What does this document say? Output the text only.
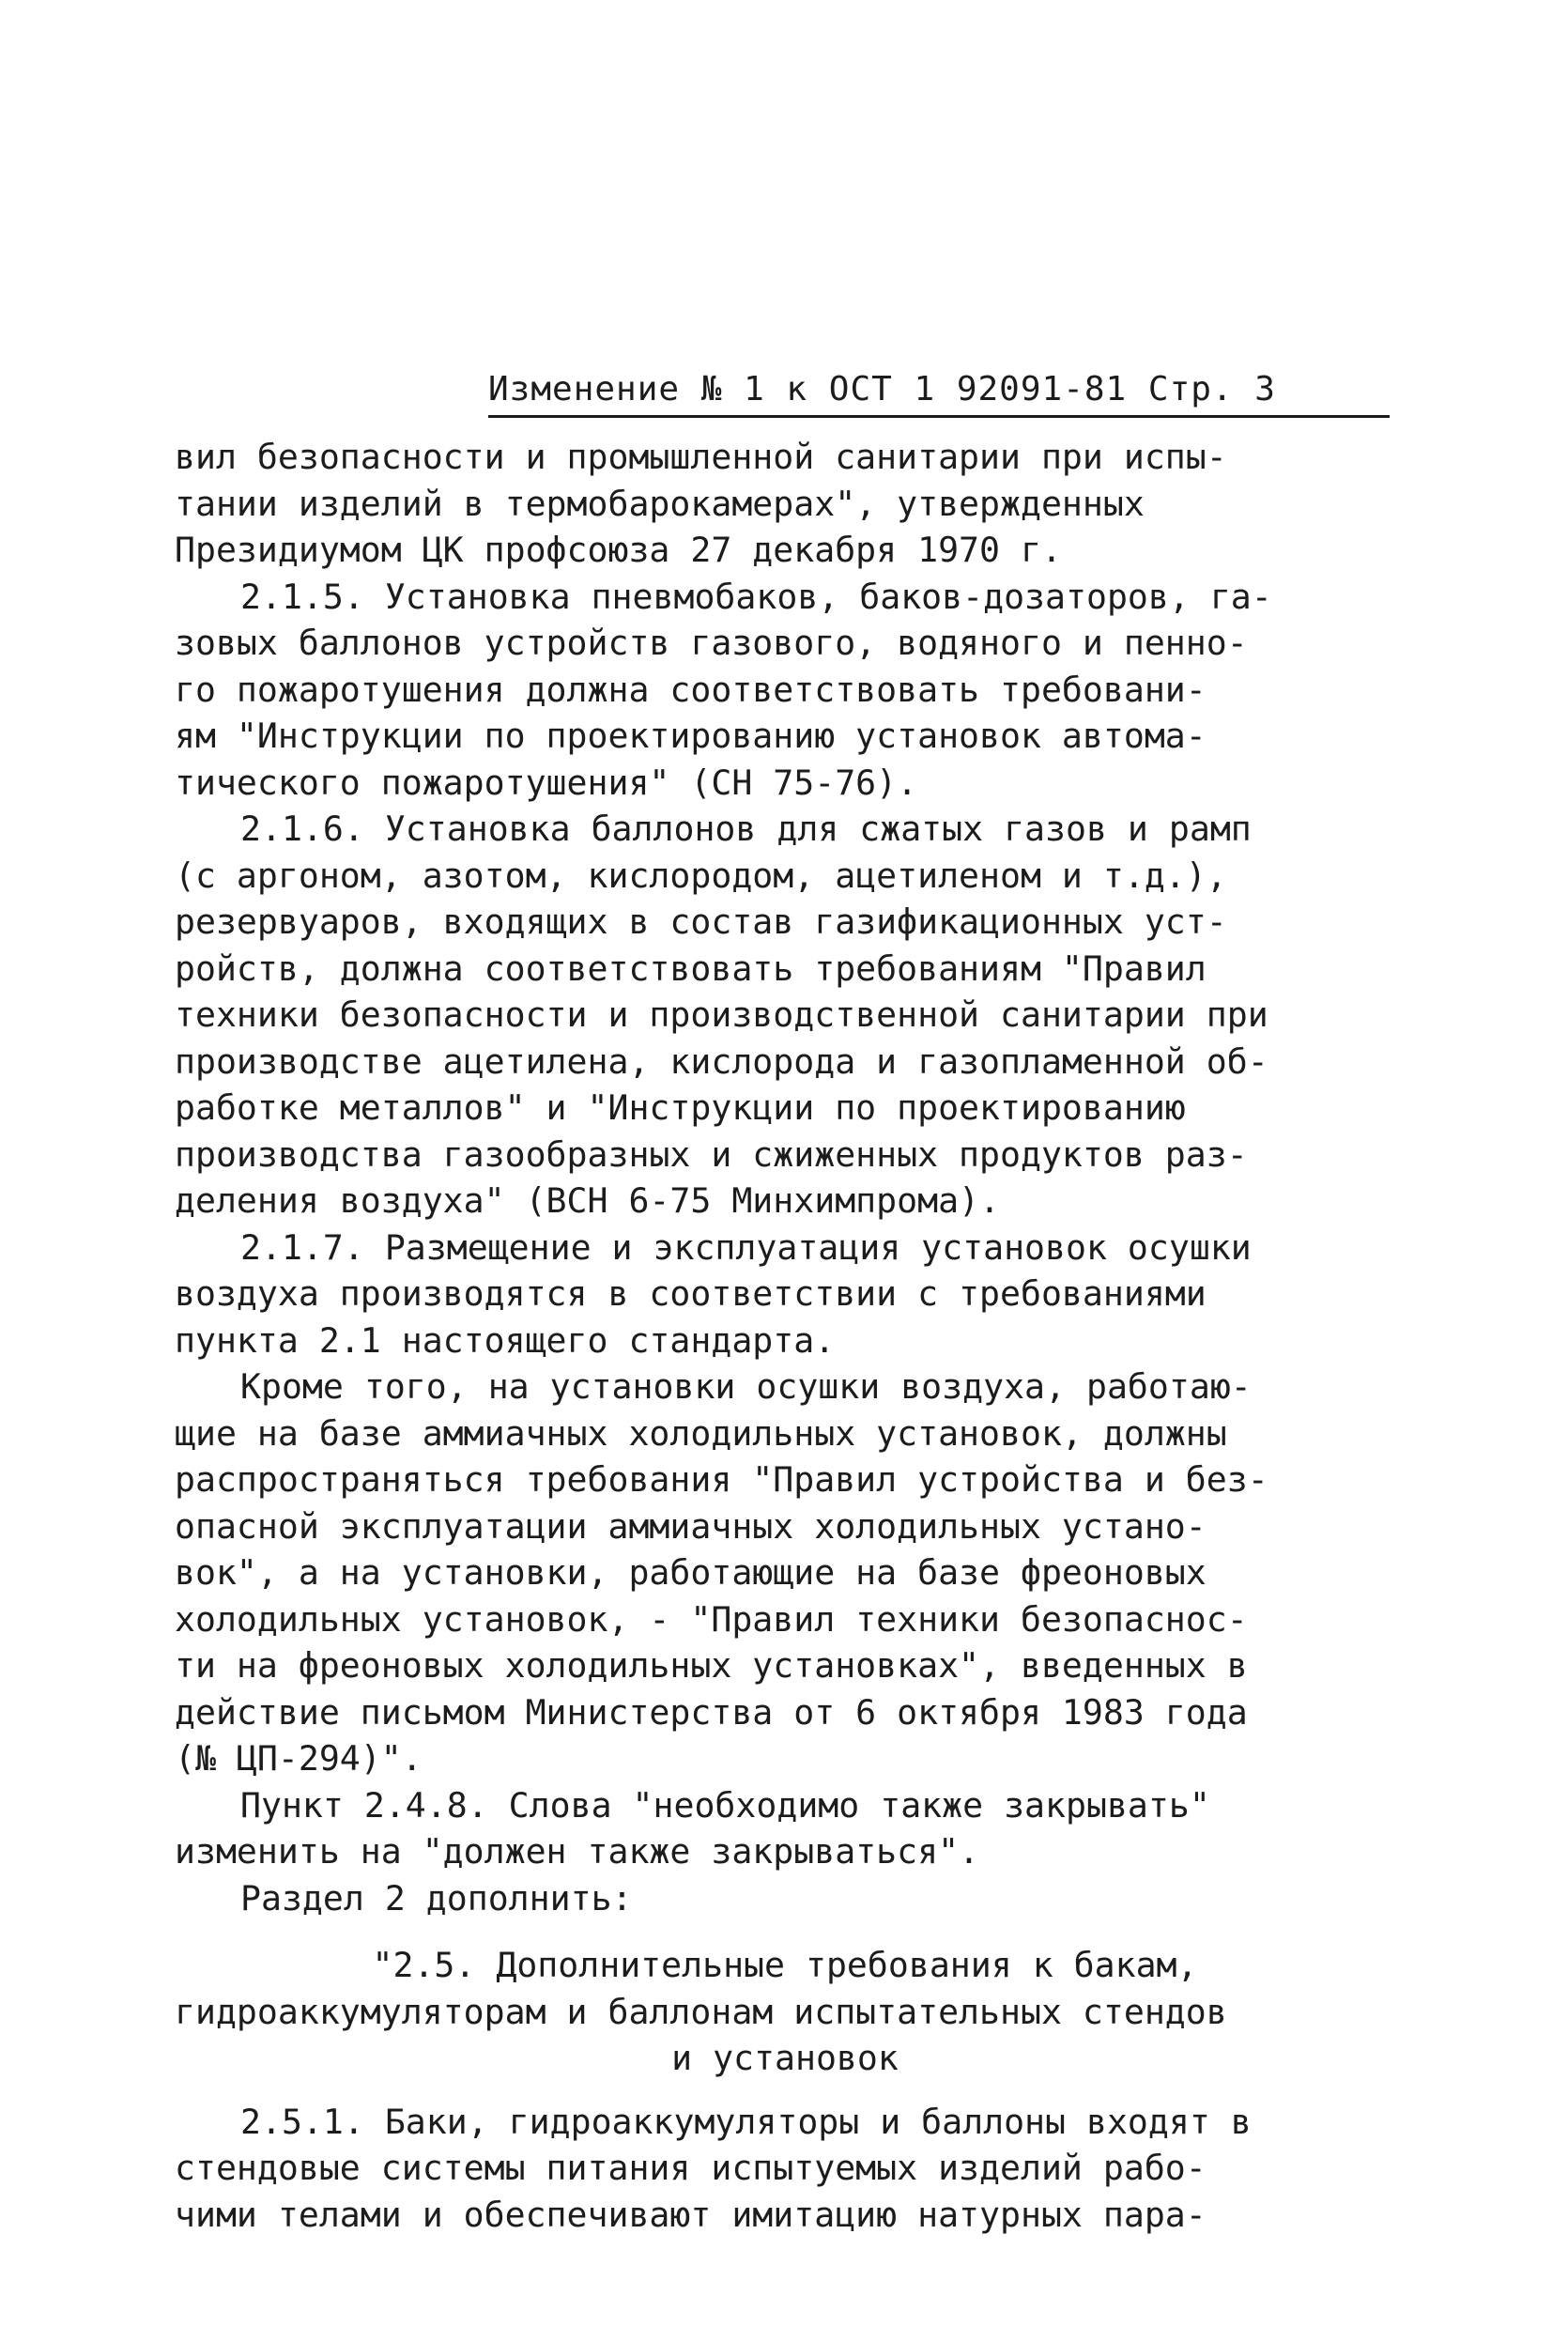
Изменение № 1 к ОСТ 1 92091-81 Стр. 3
вил безопасности и промышленной санитарии при испы-
тании изделий в термобарокамерах", утвержденных
Президиумом ЦК профсоюза 27 декабря 1970 г.
2.1.5. Установка пневмобаков, баков-дозаторов, га-
зовых баллонов устройств газового, водяного и пенно-
го пожаротушения должна соответствовать требовани-
ям "Инструкции по проектированию установок автома-
тического пожаротушения" (СН 75-76).
2.1.6. Установка баллонов для сжатых газов и рамп
(с аргоном, азотом, кислородом, ацетиленом и т.д.),
резервуаров, входящих в состав газификационных уст-
ройств, должна соответствовать требованиям "Правил
техники безопасности и производственной санитарии при
производстве ацетилена, кислорода и газопламенной об-
работке металлов" и "Инструкции по проектированию
производства газообразных и сжиженных продуктов раз-
деления воздуха" (ВСН 6-75 Минхимпрома).
2.1.7. Размещение и эксплуатация установок осушки
воздуха производятся в соответствии с требованиями
пункта 2.1 настоящего стандарта.
Кроме того, на установки осушки воздуха, работаю-
щие на базе аммиачных холодильных установок, должны
распространяться требования "Правил устройства и без-
опасной эксплуатации аммиачных холодильных устано-
вок", а на установки, работающие на базе фреоновых
холодильных установок, - "Правил техники безопаснос-
ти на фреоновых холодильных установках", введенных в
действие письмом Министерства от 6 октября 1983 года
(№ ЦП-294)".
Пункт 2.4.8. Слова "необходимо также закрывать"
изменить на "должен также закрываться".
Раздел 2 дополнить:
"2.5. Дополнительные требования к бакам,
гидроаккумуляторам и баллонам испытательных стендов
и установок
2.5.1. Баки, гидроаккумуляторы и баллоны входят в
стендовые системы питания испытуемых изделий рабо-
чими телами и обеспечивают имитацию натурных пара-
